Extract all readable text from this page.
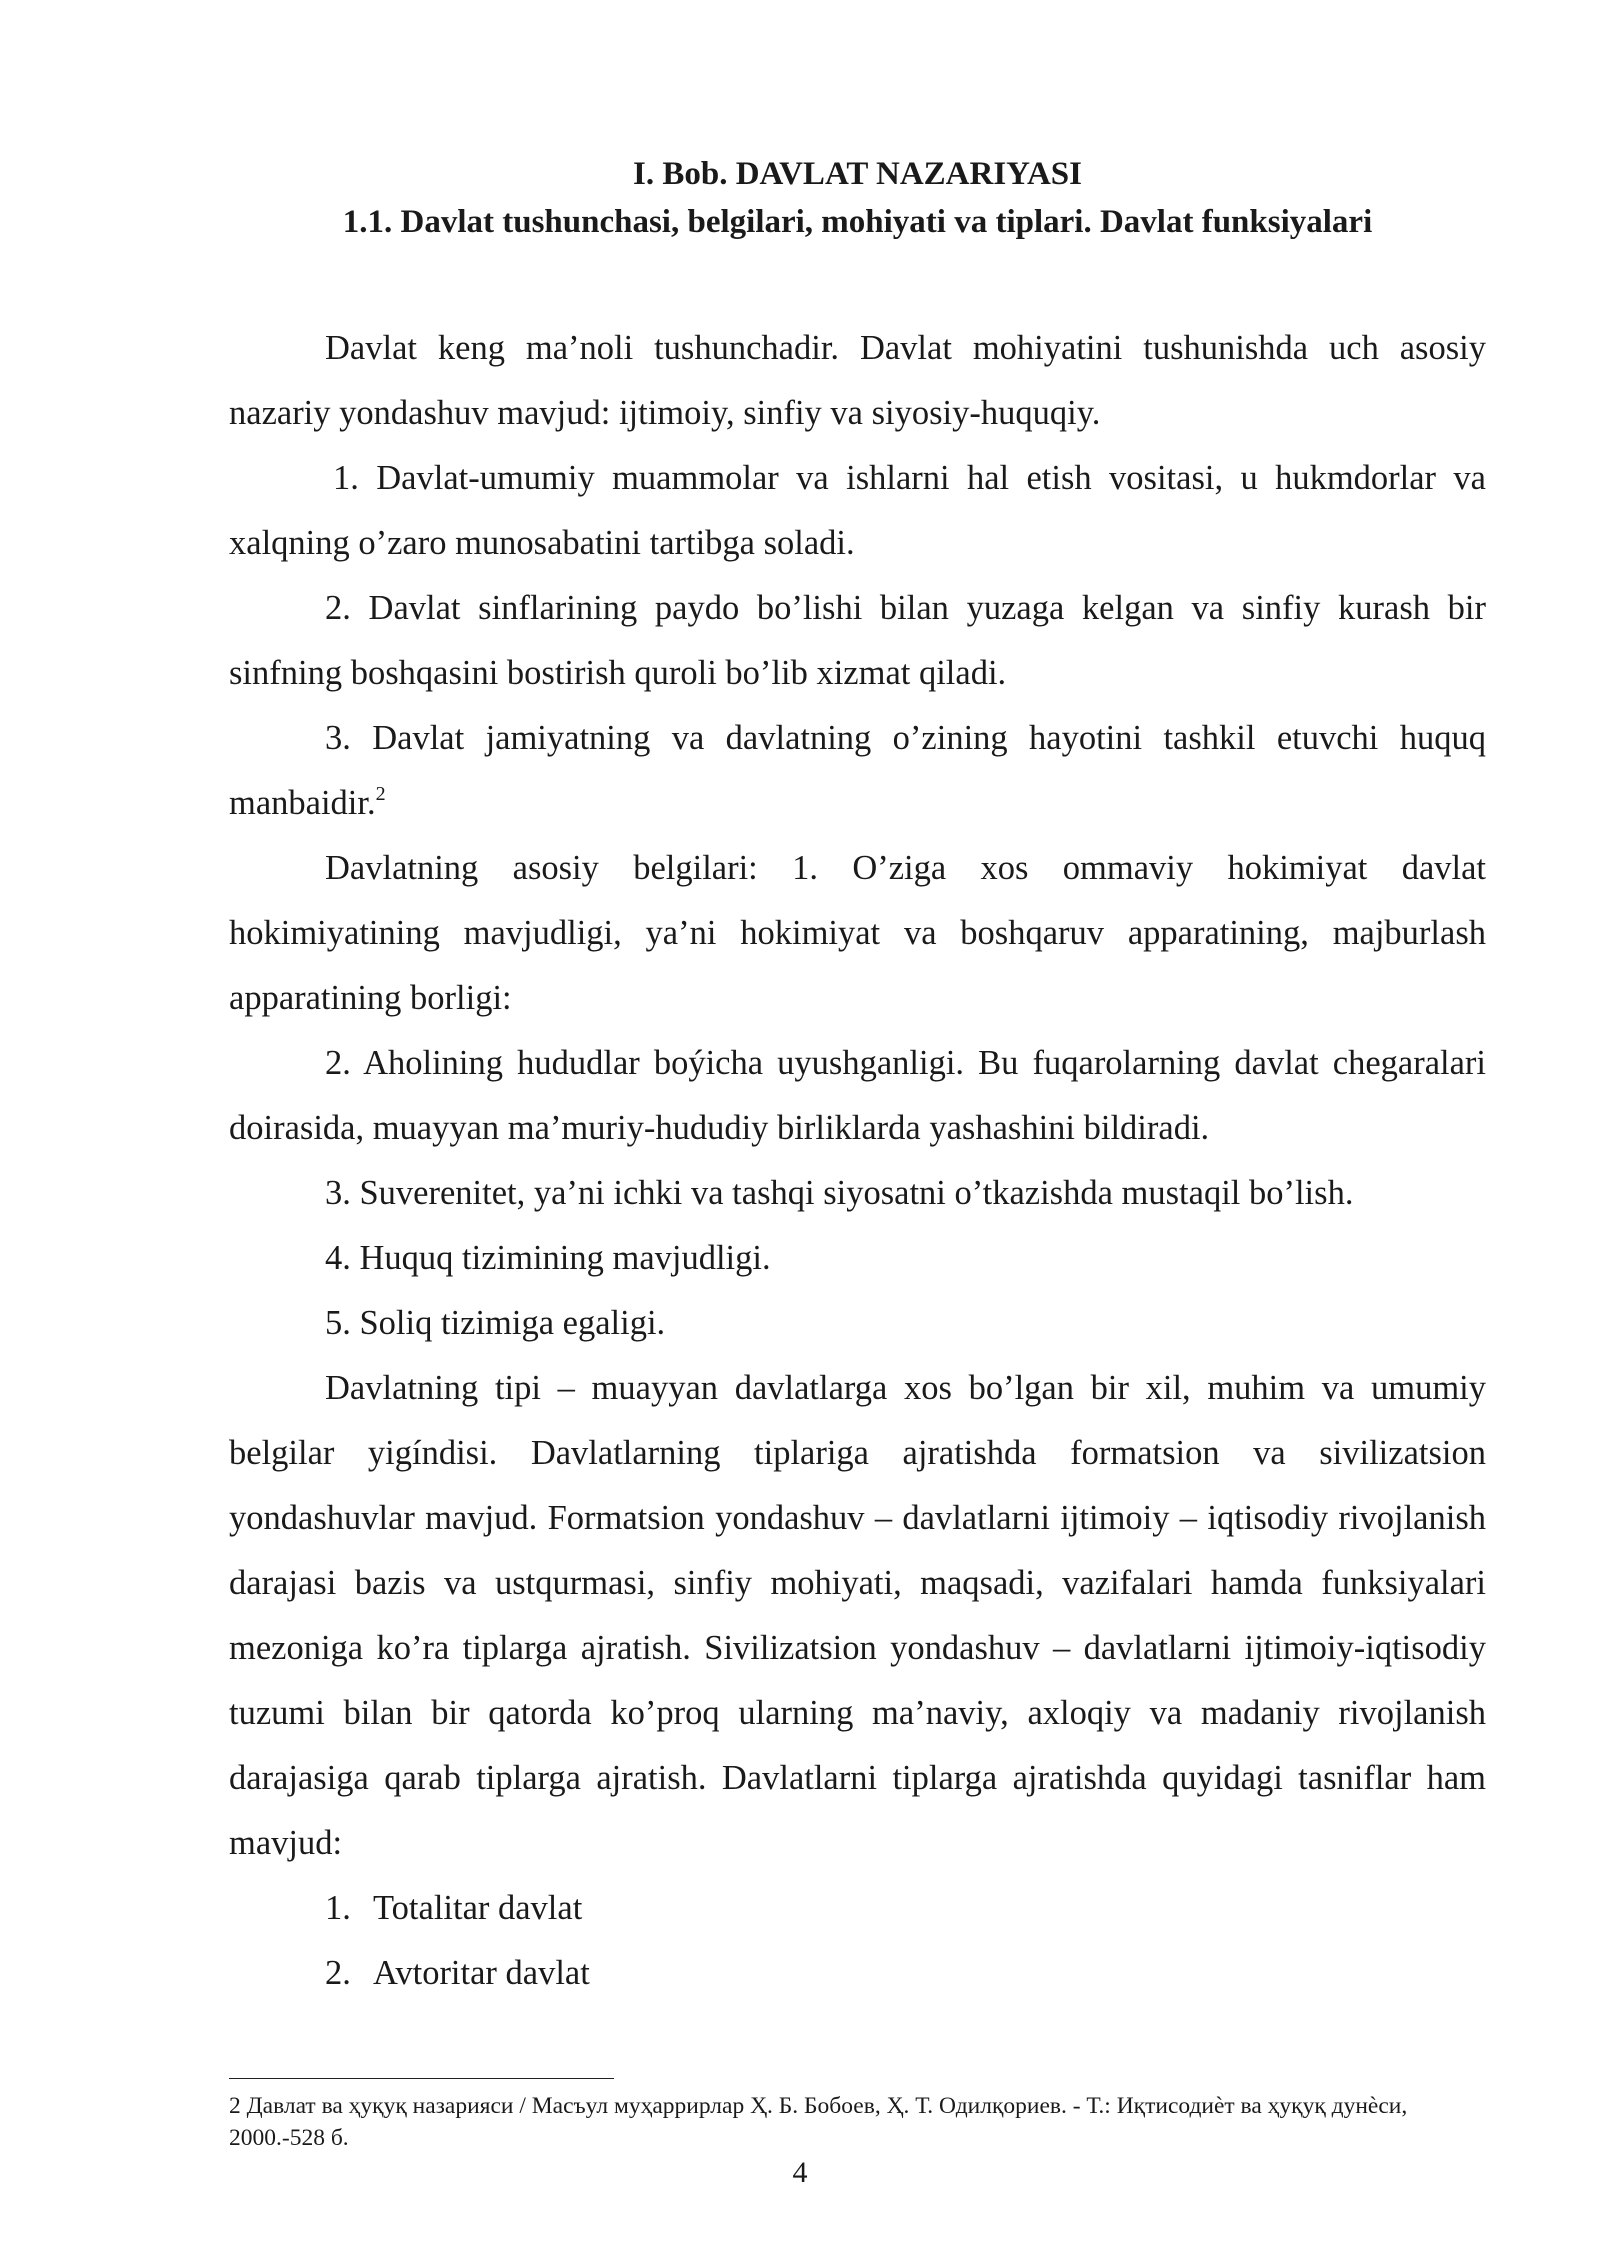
I. Bob. DAVLAT NAZARIYASI
1.1. Davlat tushunchasi, belgilari, mohiyati va tiplari. Davlat funksiyalari

Davlat keng ma’noli tushunchadir. Davlat mohiyatini tushunishda uch asosiy nazariy yondashuv mavjud: ijtimoiy, sinfiy va siyosiy-huquqiy.

1. Davlat-umumiy muammolar va ishlarni hal etish vositasi, u hukmdorlar va xalqning o’zaro munosabatini tartibga soladi.

2. Davlat sinflarining paydo bo’lishi bilan yuzaga kelgan va sinfiy kurash bir sinfning boshqasini bostirish quroli bo’lib xizmat qiladi.

3. Davlat jamiyatning va davlatning o’zining hayotini tashkil etuvchi huquq manbaidir.$^2$

Davlatning asosiy belgilari: 1. O’ziga xos ommaviy hokimiyat davlat hokimiyatining mavjudligi, ya’ni hokimiyat va boshqaruv apparatining, majburlash apparatining borligi:

2. Aholining hududlar boýicha uyushganligi. Bu fuqarolarning davlat chegaralari doirasida, muayyan ma’muriy-hududiy birliklarda yashashini bildiradi.

3. Suverenitet, ya’ni ichki va tashqi siyosatni o’tkazishda mustaqil bo’lish.

4. Huquq tizimining mavjudligi.

5. Soliq tizimiga egaligi.

Davlatning tipi – muayyan davlatlarga xos bo’lgan bir xil, muhim va umumiy belgilar yigíndisi. Davlatlarning tiplariga ajratishda formatsion va sivilizatsion yondashuvlar mavjud. Formatsion yondashuv – davlatlarni ijtimoiy – iqtisodiy rivojlanish darajasi bazis va ustqurmasi, sinfiy mohiyati, maqsadi, vazifalari hamda funksiyalari mezoniga ko’ra tiplarga ajratish. Sivilizatsion yondashuv – davlatlarni ijtimoiy-iqtisodiy tuzumi bilan bir qatorda ko’proq ularning ma’naviy, axloqiy va madaniy rivojlanish darajasiga qarab tiplarga ajratish. Davlatlarni tiplarga ajratishda quyidagi tasniflar ham mavjud:

1. Totalitar davlat
2. Avtoritar davlat
2 Давлат ва ҳуқуқ назарияси / Масъул муҳаррирлар Ҳ. Б. Бобоев, Ҳ. Т. Одилқориев. - Т.: Иқтисодиѐт ва ҳуқуқ дунѐси, 2000.-528 б.
4
